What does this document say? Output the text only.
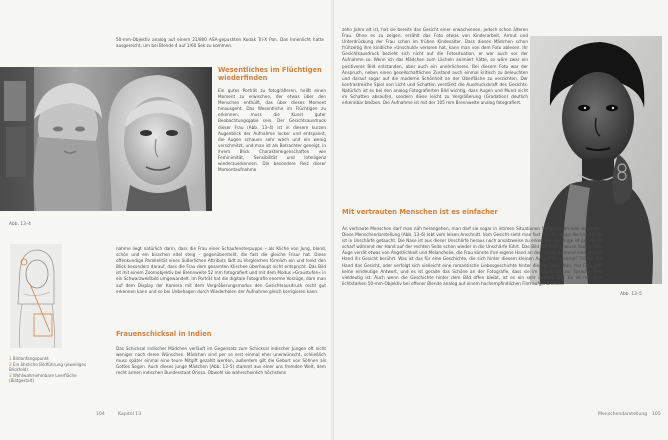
50-mm-Objektiv analog auf einem 21/800 ASA-gepushten Kodak Tri-X Pan. Das Innenlicht hatte ausgereicht, um bei Blende 4 auf 1/60 Sek zu kommen.

Wesentliches im Flüchtigen wiederfinden

Ein gutes Porträt zu fotografieren, heißt einen Moment zu erwischen, der etwas über den Menschen enthüllt, das über dieses Moment hinausgeht. Das Wesentliche im Flüchtigen zu erkennen, muss die Kunst guter Beobachtungsgabe sein. Der Gesichtsausdruck dieser Frau (Abb. 13–4) ist in diesem kurzen Augenblick der Aufnahme locker und entspannt, die Augen schauen sehr wach und ein wenig verschmitzt, und man ist als Betrachter geneigt, in ihrem Blick Charaktereigenschaften wie Feminimität, Sensibilität und Intelligenz wiederzuerkennen. Die besondere Reiz dieser Momentaufnahme

Abb. 13–4

1 Bildanfangspunkt
2 Ein ähnliche Bildführung (jeweiliges Blickfeld)
3 Wohlwahrnehmbare Leerfläche (Bildgestalt)

nahme liegt natürlich darin, dass die Frau einer Schaufensterpuppe – als Kliche von Jung, blond, schön und ein bisschen eitel steig – gegenüberstellt, die fast die gleiche Frisur hat. Diese offenkundige Parallelität eines äußerlichen Attributs lädt zu Vergleichen förmlich ein und lenkt den Blick besonders darauf, dass die Frau dem gesamten Klischee überhaupt nicht entspricht. Das Bild ist mit einem Zoomobjektiv bei Brennweite 52 mm fotografiert und mit dem Modus »Graustufen« in ein Schwarzweißbild umgewandelt. Im Porträt hat die digitale Fotografie enorme Vorzüge, dam man auf dem Display der Kamera mit dem Vergrößerungsmodus den Gesichtsausdruck recht gut erkennen kann und so bei Unbehagen durch Wiederholen der Aufnahme gleich korrigieren kann.

Frauenschicksal in Indien

Das Schicksal indischer Mädchen verläuft im Gegensatz zum Schicksal indischer Jungen oft nicht weniger nach deren Wünschen. Mädchen sind per se erst einmal eher unerwünscht, schließlich muss später einmal eine teure Mitgift gezahlt werden, außerdem gilt die Geburt von Söhnen als Gottes Segen. Auch dieses junge Mädchen (Abb. 13–5) stammt aus einer uns fremden Welt, dem recht armen indischen Bundesstaat Orissa. Obwohl sie wahrscheinlich höchstens

104	Kapitel 13

zehn Jahre alt ist, hat sie bereits das Gesicht einer erwachsenen, jedoch schon älteren Frau. Ohne es zu zeigen, erzählt das Foto etwas von Kinderarbeit, Armut und Unterdrückung der Frau schon im frühen Kindesalter. Dass dieses Mädchen schon frühzeitig ihre kindliche »Unschuld« verloren hat, kann man von dem Foto ablesen. Ihr Gesichtsausdruck bezieht sich nicht auf die Fotosituation, er war auch vor der Aufnahme so. Wenn ich das Mädchen zum Lächeln animiert hätte, so wäre zwar ein positiveres Bild entstanden, aber auch ein unehrlicheres. Bei diesem Foto war der Anspruch, neben einen gesellschaftlichen Zustand auch einmal kritisch zu beleuchten und darauf sogar auf die moderne Schönheit an der Oberfläche zu verzichten. Der kontrastreiche Spiel von Licht und Schatten verstärkt die Ausdruckskraft des Gesichts. Natürlich ist es bei den analog Fotografierten Bild wichtig, dass Augen und Mund nicht im Schatten absaufen, sondern diese leicht zu Vergrößerung (Gradation) deutlich erkennbar bleiben. Die Aufnahme ist mit der 105 mm Brennweite analog fotografiert.

Abb. 13–5

Mit vertrauten Menschen ist es einfacher

An vertraute Menschen darf man näh herangehen, man darf sie sogar in intimen Situationen fotografieren oder berühren. Diese Menschendarstellung (Abb. 13–6) lebt vom leisen Anschnitt. Vom Gesicht sieht man fast nur das Auge, die linke Seite ist in Unschärfe getaucht. Die Nase ist aus dieser Unschärfe heraus noch ansatzweise zu erkennen, das Auge ist gerade so scharf während der Hand auf der rechten Seite schon wieder in die Unschärfe führt. Das Bild hat eine gewisse Poesie: Das Auge verrät etwas von Angstlichkeit und Melancholie, die Frau könnte ihre eigene Hand an den Mund, während eine andere Hand ihr Gesicht berührt. Was ist das für eine Geschichte, die sich hinter diesem kleinen Ausschnitt verbirgt? Tröstet die Hand das Gesicht, oder verfolgt sich vielleicht eine romantische Liebesgeschichte hinter diesem Foto? Nun, das Foto gibt keine eindeutige Antwort, und es ist gerade das Schöne an der Fotografie, dass sie im Gegensatz zur Sprache sehr vieldeutig ist. Auch wenn die Geschichte hinter dem Bild offen bleibt, ist es ein sehr intimes Bild. Es ist mit dem lichtstarken 50-mm-Objektiv bei offener Blende analog auf einem hochempfindlichen Film aufgenommen.

Menschendarstellung 105
